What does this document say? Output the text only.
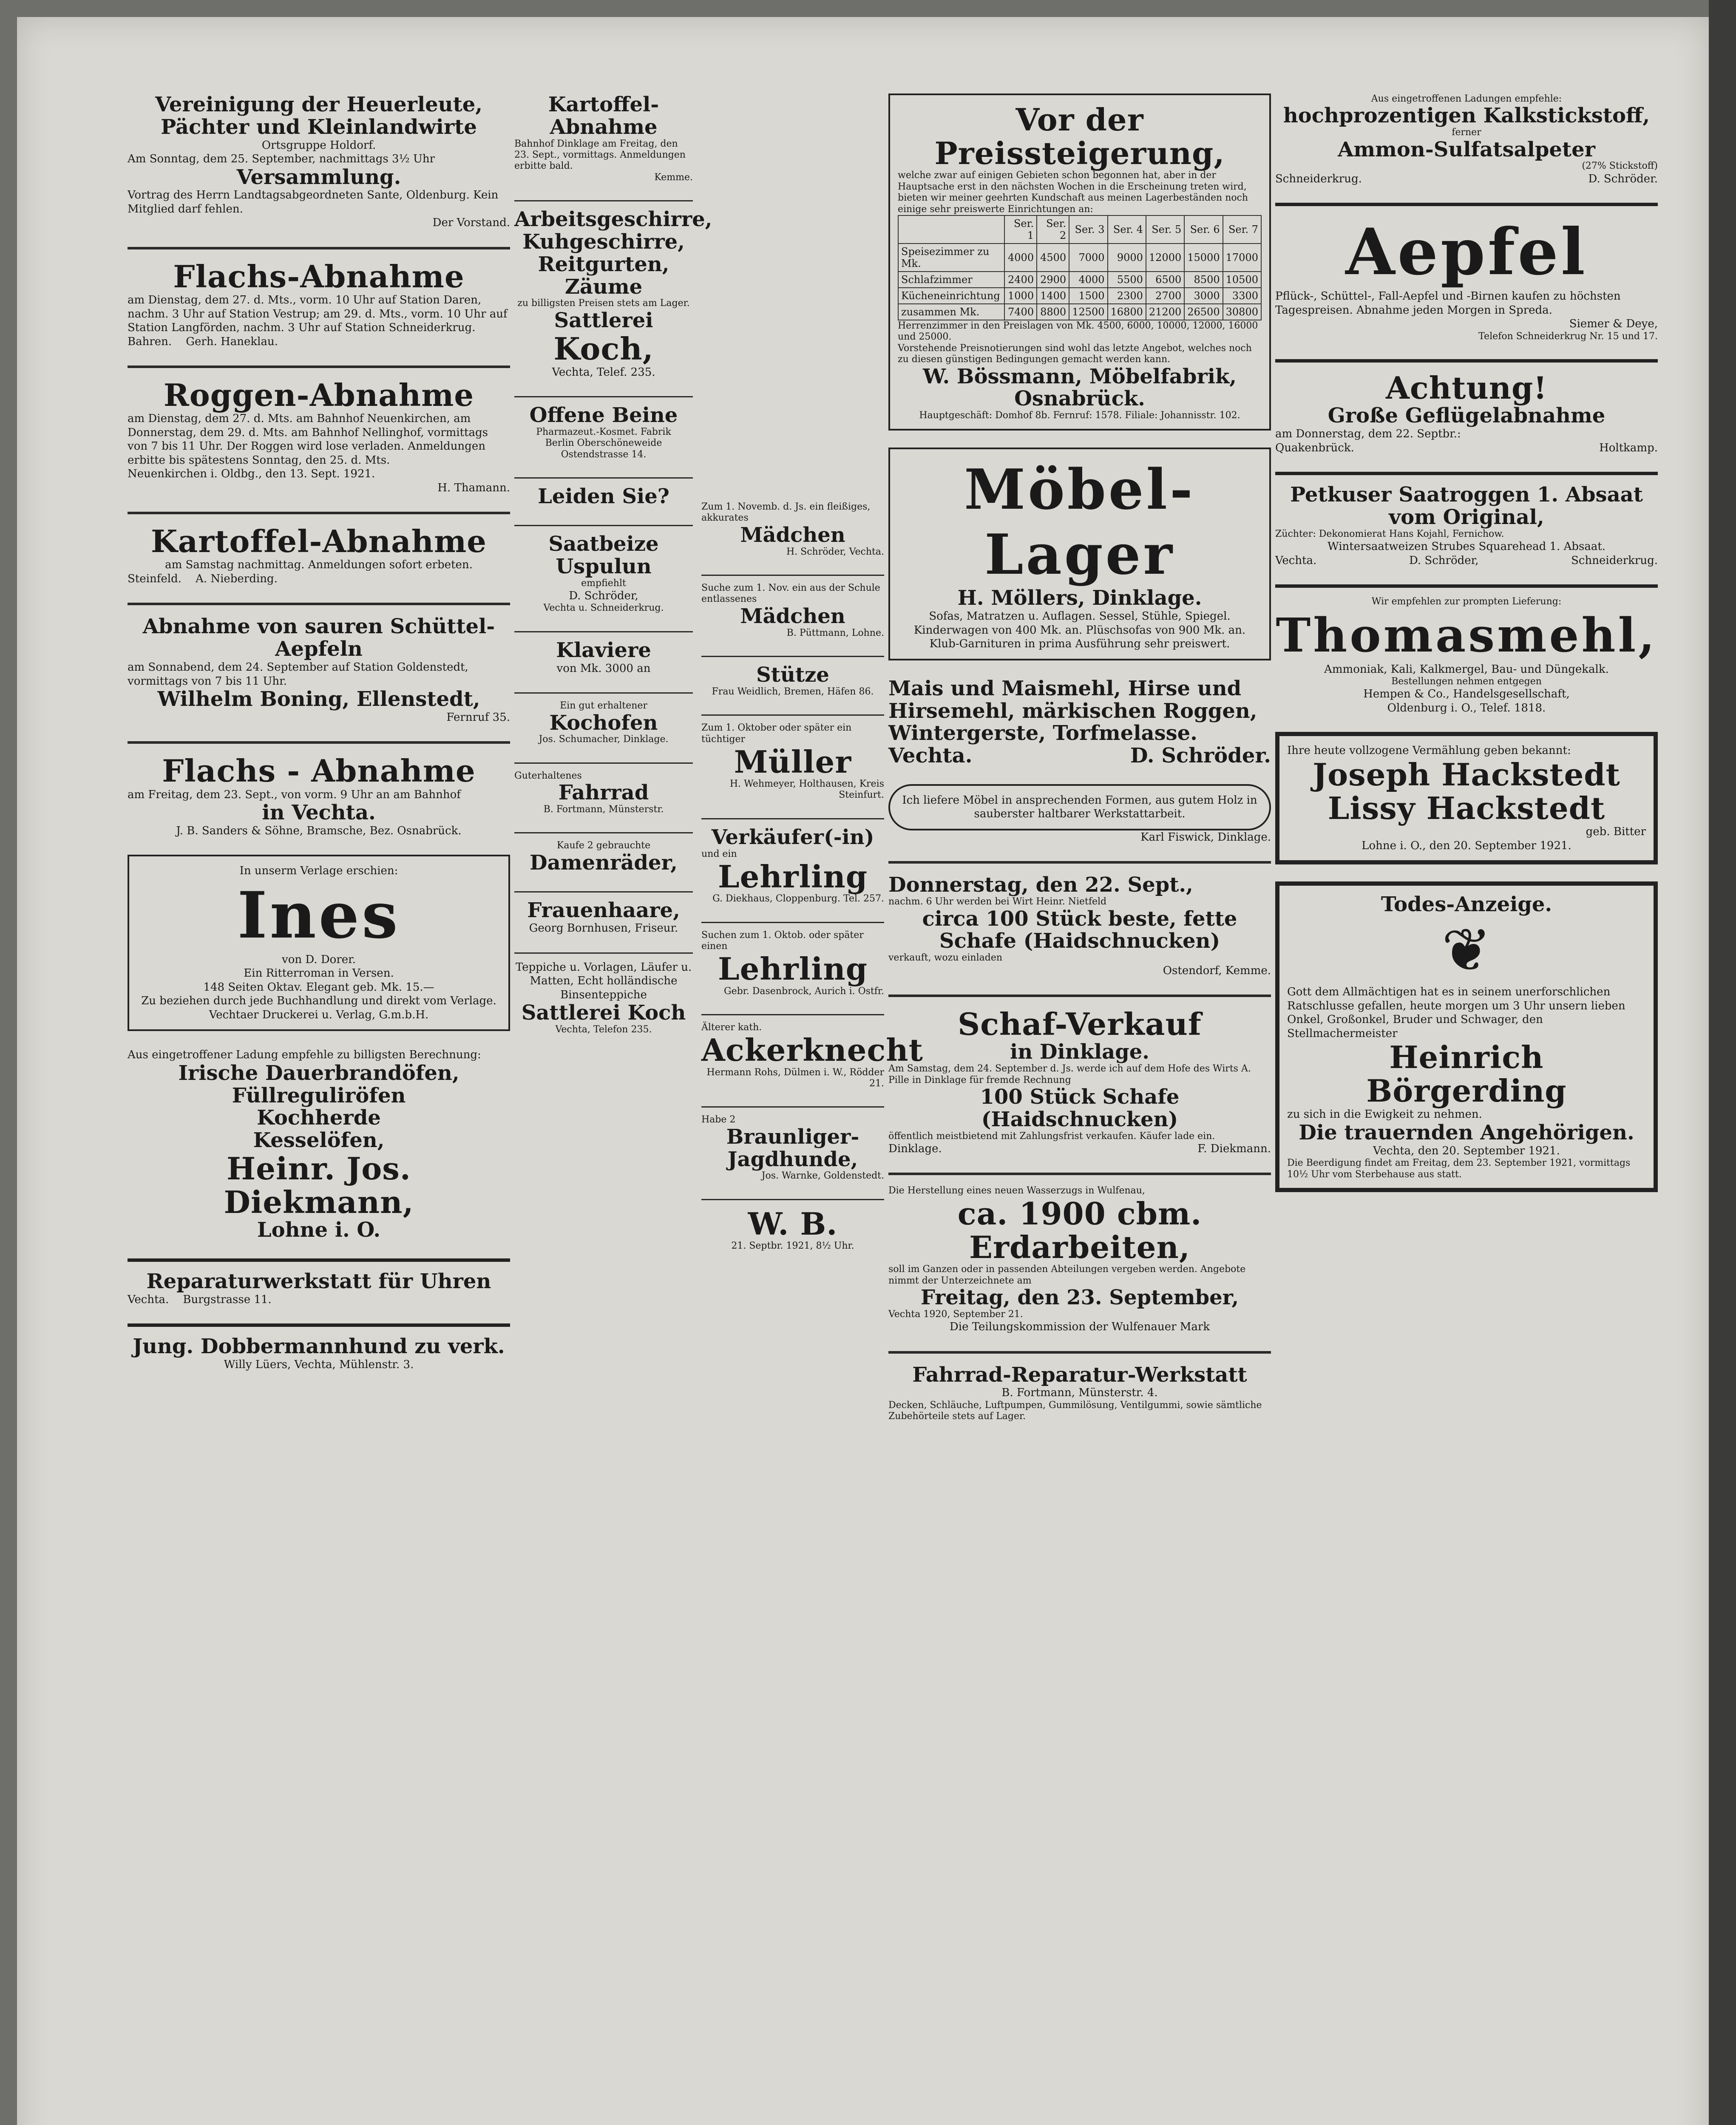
Vereinigung der Heuerleute, Pächter und Kleinlandwirte
Ortsgruppe Holdorf.
Am Sonntag, dem 25. September, nachmittags 3½ Uhr
Versammlung.
Vortrag des Herrn Landtagsabgeordneten Sante, Oldenburg. Kein Mitglied darf fehlen.
Der Vorstand.
Flachs-Abnahme
am Dienstag, dem 27. d. Mts., vorm. 10 Uhr auf Station Daren, nachm. 3 Uhr auf Station Vestrup; am 29. d. Mts., vorm. 10 Uhr auf Station Langförden, nachm. 3 Uhr auf Station Schneiderkrug.
Bahren. Gerh. Haneklau.
Roggen-Abnahme
am Dienstag, dem 27. d. Mts. am Bahnhof Neuenkirchen, am Donnerstag, dem 29. d. Mts. am Bahnhof Nellinghof, vormittags von 7 bis 11 Uhr. Der Roggen wird lose verladen. Anmeldungen erbitte bis spätestens Sonntag, den 25. d. Mts.
Neuenkirchen i. Oldbg., den 13. Sept. 1921.
H. Thamann.
Kartoffel-Abnahme
am Samstag nachmittag. Anmeldungen sofort erbeten.
Steinfeld. A. Nieberding.
Abnahme von sauren Schüttel-Aepfeln
am Sonnabend, dem 24. September auf Station Goldenstedt, vormittags von 7 bis 11 Uhr.
Wilhelm Boning, Ellenstedt,
Fernruf 35.
Flachs - Abnahme
am Freitag, dem 23. Sept., von vorm. 9 Uhr an am Bahnhof
in Vechta.
J. B. Sanders & Söhne, Bramsche, Bez. Osnabrück.
In unserm Verlage erschien:
Ines
von D. Dorer.
Ein Ritterroman in Versen.
148 Seiten Oktav. Elegant geb. Mk. 15.—
Zu beziehen durch jede Buchhandlung und direkt vom Verlage.
Vechtaer Druckerei u. Verlag, G.m.b.H.
Aus eingetroffener Ladung empfehle zu billigsten Berechnung:
Irische Dauerbrandöfen, Füllreguliröfen
Kochherde
Kesselöfen,
Heinr. Jos. Diekmann,
Lohne i. O.
Reparaturwerkstatt für Uhren
Vechta. Burgstrasse 11.
Jung. Dobbermannhund zu verk.
Willy Lüers, Vechta, Mühlenstr. 3.
Kartoffel-Abnahme
Bahnhof Dinklage am Freitag, den 23. Sept., vormittags. Anmeldungen erbitte bald.
Kemme.
Arbeitsgeschirre, Kuhgeschirre, Reitgurten, Zäume
zu billigsten Preisen stets am Lager.
Sattlerei
Koch,
Vechta, Telef. 235.
Offene Beine
Pharmazeut.-Kosmet. Fabrik
Berlin Oberschöneweide Ostendstrasse 14.
Leiden Sie?
Saatbeize Uspulun
empfiehlt
D. Schröder,
Vechta u. Schneiderkrug.
Klaviere
von Mk. 3000 an
Ein gut erhaltener
Kochofen
Jos. Schumacher, Dinklage.
Guterhaltenes
Fahrrad
B. Fortmann, Münsterstr.
Kaufe 2 gebrauchte
Damenräder,
Frauenhaare,
Georg Bornhusen, Friseur.
Teppiche u. Vorlagen, Läufer u. Matten, Echt holländische Binsenteppiche
Sattlerei Koch
Vechta, Telefon 235.
Zum 1. Novemb. d. Js. ein fleißiges, akkurates
Mädchen
H. Schröder, Vechta.
Suche zum 1. Nov. ein aus der Schule entlassenes
Mädchen
B. Püttmann, Lohne.
Stütze
Frau Weidlich, Bremen, Häfen 86.
Zum 1. Oktober oder später ein tüchtiger
Müller
H. Wehmeyer, Holthausen, Kreis Steinfurt.
Verkäufer(-in)
und ein
Lehrling
G. Diekhaus, Cloppenburg. Tel. 257.
Suchen zum 1. Oktob. oder später einen
Lehrling
Gebr. Dasenbrock, Aurich i. Ostfr.
Älterer kath.
Ackerknecht
Hermann Rohs, Dülmen i. W., Rödder 21.
Habe 2
Braunliger-Jagdhunde,
Jos. Warnke, Goldenstedt.
W. B.
21. Septbr. 1921, 8½ Uhr.
Vor der Preissteigerung,
welche zwar auf einigen Gebieten schon begonnen hat, aber in der Hauptsache erst in den nächsten Wochen in die Erscheinung treten wird, bieten wir meiner geehrten Kundschaft aus meinen Lagerbeständen noch einige sehr preiswerte Einrichtungen an:
	Ser. 1	Ser. 2	Ser. 3	Ser. 4	Ser. 5	Ser. 6	Ser. 7
Speisezimmer zu Mk.	4000	4500	7000	9000	12000	15000	17000
Schlafzimmer	2400	2900	4000	5500	6500	8500	10500
Kücheneinrichtung	1000	1400	1500	2300	2700	3000	3300
zusammen Mk.	7400	8800	12500	16800	21200	26500	30800
Herrenzimmer in den Preislagen von Mk. 4500, 6000, 10000, 12000, 16000 und 25000.
Vorstehende Preisnotierungen sind wohl das letzte Angebot, welches noch zu diesen günstigen Bedingungen gemacht werden kann.
W. Bössmann, Möbelfabrik, Osnabrück.
Hauptgeschäft: Domhof 8b. Fernruf: 1578. Filiale: Johannisstr. 102.
Möbel-Lager
H. Möllers, Dinklage.
Sofas, Matratzen u. Auflagen. Sessel, Stühle, Spiegel. Kinderwagen von 400 Mk. an. Plüschsofas von 900 Mk. an. Klub-Garnituren in prima Ausführung sehr preiswert.
Mais und Maismehl, Hirse und Hirsemehl, märkischen Roggen, Wintergerste, Torfmelasse.
Vechta.	D. Schröder.
Ich liefere Möbel in ansprechenden Formen, aus gutem Holz in sauberster haltbarer Werkstattarbeit.
Karl Fiswick, Dinklage.
Donnerstag, den 22. Sept.,
nachm. 6 Uhr werden bei Wirt Heinr. Nietfeld
circa 100 Stück beste, fette Schafe (Haidschnucken)
verkauft, wozu einladen
Ostendorf, Kemme.
Schaf-Verkauf
in Dinklage.
Am Samstag, dem 24. September d. Js. werde ich auf dem Hofe des Wirts A. Pille in Dinklage für fremde Rechnung
100 Stück Schafe (Haidschnucken)
öffentlich meistbietend mit Zahlungsfrist verkaufen. Käufer lade ein.
Dinklage.	F. Diekmann.
Die Herstellung eines neuen Wasserzugs in Wulfenau,
ca. 1900 cbm. Erdarbeiten,
soll im Ganzen oder in passenden Abteilungen vergeben werden. Angebote nimmt der Unterzeichnete am
Freitag, den 23. September,
Vechta 1920, September 21.
Die Teilungskommission der Wulfenauer Mark
Fahrrad-Reparatur-Werkstatt
B. Fortmann, Münsterstr. 4.
Decken, Schläuche, Luftpumpen, Gummilösung, Ventilgummi, sowie sämtliche Zubehörteile stets auf Lager.
Aus eingetroffenen Ladungen empfehle:
hochprozentigen Kalkstickstoff,
ferner
Ammon-Sulfatsalpeter
(27% Stickstoff)
Schneiderkrug.	D. Schröder.
Aepfel
Pflück-, Schüttel-, Fall-Aepfel und -Birnen kaufen zu höchsten Tagespreisen. Abnahme jeden Morgen in Spreda.
Siemer & Deye,
Telefon Schneiderkrug Nr. 15 und 17.
Achtung!
Große Geflügelabnahme
am Donnerstag, dem 22. Septbr.:
Quakenbrück.	Holtkamp.
Petkuser Saatroggen 1. Absaat vom Original,
Züchter: Dekonomierat Hans Kojahl, Fernichow.
Wintersaatweizen Strubes Squarehead 1. Absaat.
Vechta.	D. Schröder,	Schneiderkrug.
Wir empfehlen zur prompten Lieferung:
Thomasmehl,
Ammoniak, Kali, Kalkmergel, Bau- und Düngekalk.
Bestellungen nehmen entgegen
Hempen & Co., Handelsgesellschaft,
Oldenburg i. O., Telef. 1818.
Ihre heute vollzogene Vermählung geben bekannt:
Joseph Hackstedt
Lissy Hackstedt
geb. Bitter
Lohne i. O., den 20. September 1921.
Todes-Anzeige.
❦
Gott dem Allmächtigen hat es in seinem unerforschlichen Ratschlusse gefallen, heute morgen um 3 Uhr unsern lieben Onkel, Großonkel, Bruder und Schwager, den Stellmachermeister
Heinrich Börgerding
zu sich in die Ewigkeit zu nehmen.
Die trauernden Angehörigen.
Vechta, den 20. September 1921.
Die Beerdigung findet am Freitag, dem 23. September 1921, vormittags 10½ Uhr vom Sterbehause aus statt.
